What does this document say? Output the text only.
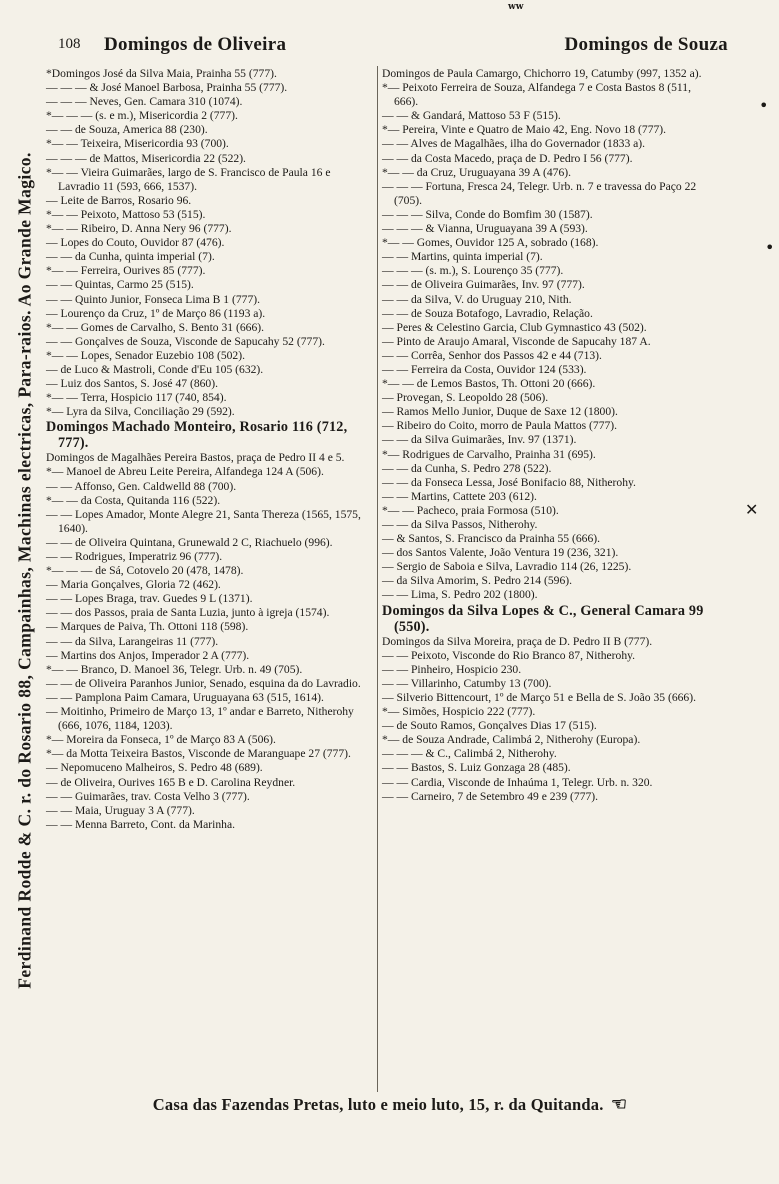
ww
Ferdinand Rodde & C. r. do Rosario 88, Campainhas, Machinas electricas, Para-raios. Ao Grande Magico.
108 Domingos de Oliveira	Domingos de Souza
*Domingos José da Silva Maia, Prainha 55 (777).
— — — & José Manoel Barbosa, Prainha 55 (777).
— — — Neves, Gen. Camara 310 (1074).
*— — — (s. e m.), Misericordia 2 (777).
— — de Souza, America 88 (230).
*— — Teixeira, Misericordia 93 (700).
— — — de Mattos, Misericordia 22 (522).
*— — Vieira Guimarães, largo de S. Francisco de Paula 16 e Lavradio 11 (593, 666, 1537).
— Leite de Barros, Rosario 96.
*— — Peixoto, Mattoso 53 (515).
*— — Ribeiro, D. Anna Nery 96 (777).
— Lopes do Couto, Ouvidor 87 (476).
— — da Cunha, quinta imperial (7).
*— — Ferreira, Ourives 85 (777).
— — Quintas, Carmo 25 (515).
— — Quinto Junior, Fonseca Lima B 1 (777).
— Lourenço da Cruz, 1º de Março 86 (1193 a).
*— — Gomes de Carvalho, S. Bento 31 (666).
— — Gonçalves de Souza, Visconde de Sapucahy 52 (777).
*— — Lopes, Senador Euzebio 108 (502).
— de Luco & Mastroli, Conde d'Eu 105 (632).
— Luiz dos Santos, S. José 47 (860).
*— — Terra, Hospicio 117 (740, 854).
*— Lyra da Silva, Conciliação 29 (592).
Domingos Machado Monteiro, Rosario 116 (712, 777).
Domingos de Magalhães Pereira Bastos, praça de Pedro II 4 e 5.
*— Manoel de Abreu Leite Pereira, Alfandega 124 A (506).
— — Affonso, Gen. Caldwelld 88 (700).
*— — da Costa, Quitanda 116 (522).
— — Lopes Amador, Monte Alegre 21, Santa Thereza (1565, 1575, 1640).
— — de Oliveira Quintana, Grunewald 2 C, Riachuelo (996).
— — Rodrigues, Imperatriz 96 (777).
*— — — de Sá, Cotovelo 20 (478, 1478).
— Maria Gonçalves, Gloria 72 (462).
— — Lopes Braga, trav. Guedes 9 L (1371).
— — dos Passos, praia de Santa Luzia, junto à igreja (1574).
— Marques de Paiva, Th. Ottoni 118 (598).
— — da Silva, Larangeiras 11 (777).
— Martins dos Anjos, Imperador 2 A (777).
*— — Branco, D. Manoel 36, Telegr. Urb. n. 49 (705).
— — de Oliveira Paranhos Junior, Senado, esquina da do Lavradio.
— — Pamplona Paim Camara, Uruguayana 63 (515, 1614).
— Moitinho, Primeiro de Março 13, 1º andar e Barreto, Nitherohy (666, 1076, 1184, 1203).
*— Moreira da Fonseca, 1º de Março 83 A (506).
*— da Motta Teixeira Bastos, Visconde de Maranguape 27 (777).
— Nepomuceno Malheiros, S. Pedro 48 (689).
— de Oliveira, Ourives 165 B e D. Carolina Reydner.
— — Guimarães, trav. Costa Velho 3 (777).
— — Maia, Uruguay 3 A (777).
— — Menna Barreto, Cont. da Marinha.
Domingos de Paula Camargo, Chichorro 19, Catumby (997, 1352 a).
*— Peixoto Ferreira de Souza, Alfandega 7 e Costa Bastos 8 (511, 666).
— — & Gandará, Mattoso 53 F (515).
*— Pereira, Vinte e Quatro de Maio 42, Eng. Novo 18 (777).
— — Alves de Magalhães, ilha do Governador (1833 a).
— — da Costa Macedo, praça de D. Pedro I 56 (777).
*— — da Cruz, Uruguayana 39 A (476).
— — — Fortuna, Fresca 24, Telegr. Urb. n. 7 e travessa do Paço 22 (705).
— — — Silva, Conde do Bomfim 30 (1587).
— — — & Vianna, Uruguayana 39 A (593).
*— — Gomes, Ouvidor 125 A, sobrado (168).
— — Martins, quinta imperial (7).
— — — (s. m.), S. Lourenço 35 (777).
— — de Oliveira Guimarães, Inv. 97 (777).
— — da Silva, V. do Uruguay 210, Nith.
— — de Souza Botafogo, Lavradio, Relação.
— Peres & Celestino Garcia, Club Gymnastico 43 (502).
— Pinto de Araujo Amaral, Visconde de Sapucahy 187 A.
— — Corrêa, Senhor dos Passos 42 e 44 (713).
— — Ferreira da Costa, Ouvidor 124 (533).
*— — de Lemos Bastos, Th. Ottoni 20 (666).
— Provegan, S. Leopoldo 28 (506).
— Ramos Mello Junior, Duque de Saxe 12 (1800).
— Ribeiro do Coito, morro de Paula Mattos (777).
— — da Silva Guimarães, Inv. 97 (1371).
*— Rodrigues de Carvalho, Prainha 31 (695).
— — da Cunha, S. Pedro 278 (522).
— — da Fonseca Lessa, José Bonifacio 88, Nitherohy.
— — Martins, Cattete 203 (612).
*— — Pacheco, praia Formosa (510).
— — da Silva Passos, Nitherohy.
— & Santos, S. Francisco da Prainha 55 (666).
— dos Santos Valente, João Ventura 19 (236, 321).
— Sergio de Saboia e Silva, Lavradio 114 (26, 1225).
— da Silva Amorim, S. Pedro 214 (596).
— — Lima, S. Pedro 202 (1800).
Domingos da Silva Lopes & C., General Camara 99 (550).
Domingos da Silva Moreira, praça de D. Pedro II B (777).
— — Peixoto, Visconde do Rio Branco 87, Nitherohy.
— — Pinheiro, Hospicio 230.
— — Villarinho, Catumby 13 (700).
— Silverio Bittencourt, 1º de Março 51 e Bella de S. João 35 (666).
*— Simões, Hospicio 222 (777).
— de Souto Ramos, Gonçalves Dias 17 (515).
*— de Souza Andrade, Calimbá 2, Nitherohy (Europa).
— — — & C., Calimbá 2, Nitherohy.
— — Bastos, S. Luiz Gonzaga 28 (485).
— — Cardia, Visconde de Inhaúma 1, Telegr. Urb. n. 320.
— — Carneiro, 7 de Setembro 49 e 239 (777).
Casa das Fazendas Pretas, luto e meio luto, 15, r. da Quitanda. ☜
•
•
✕
